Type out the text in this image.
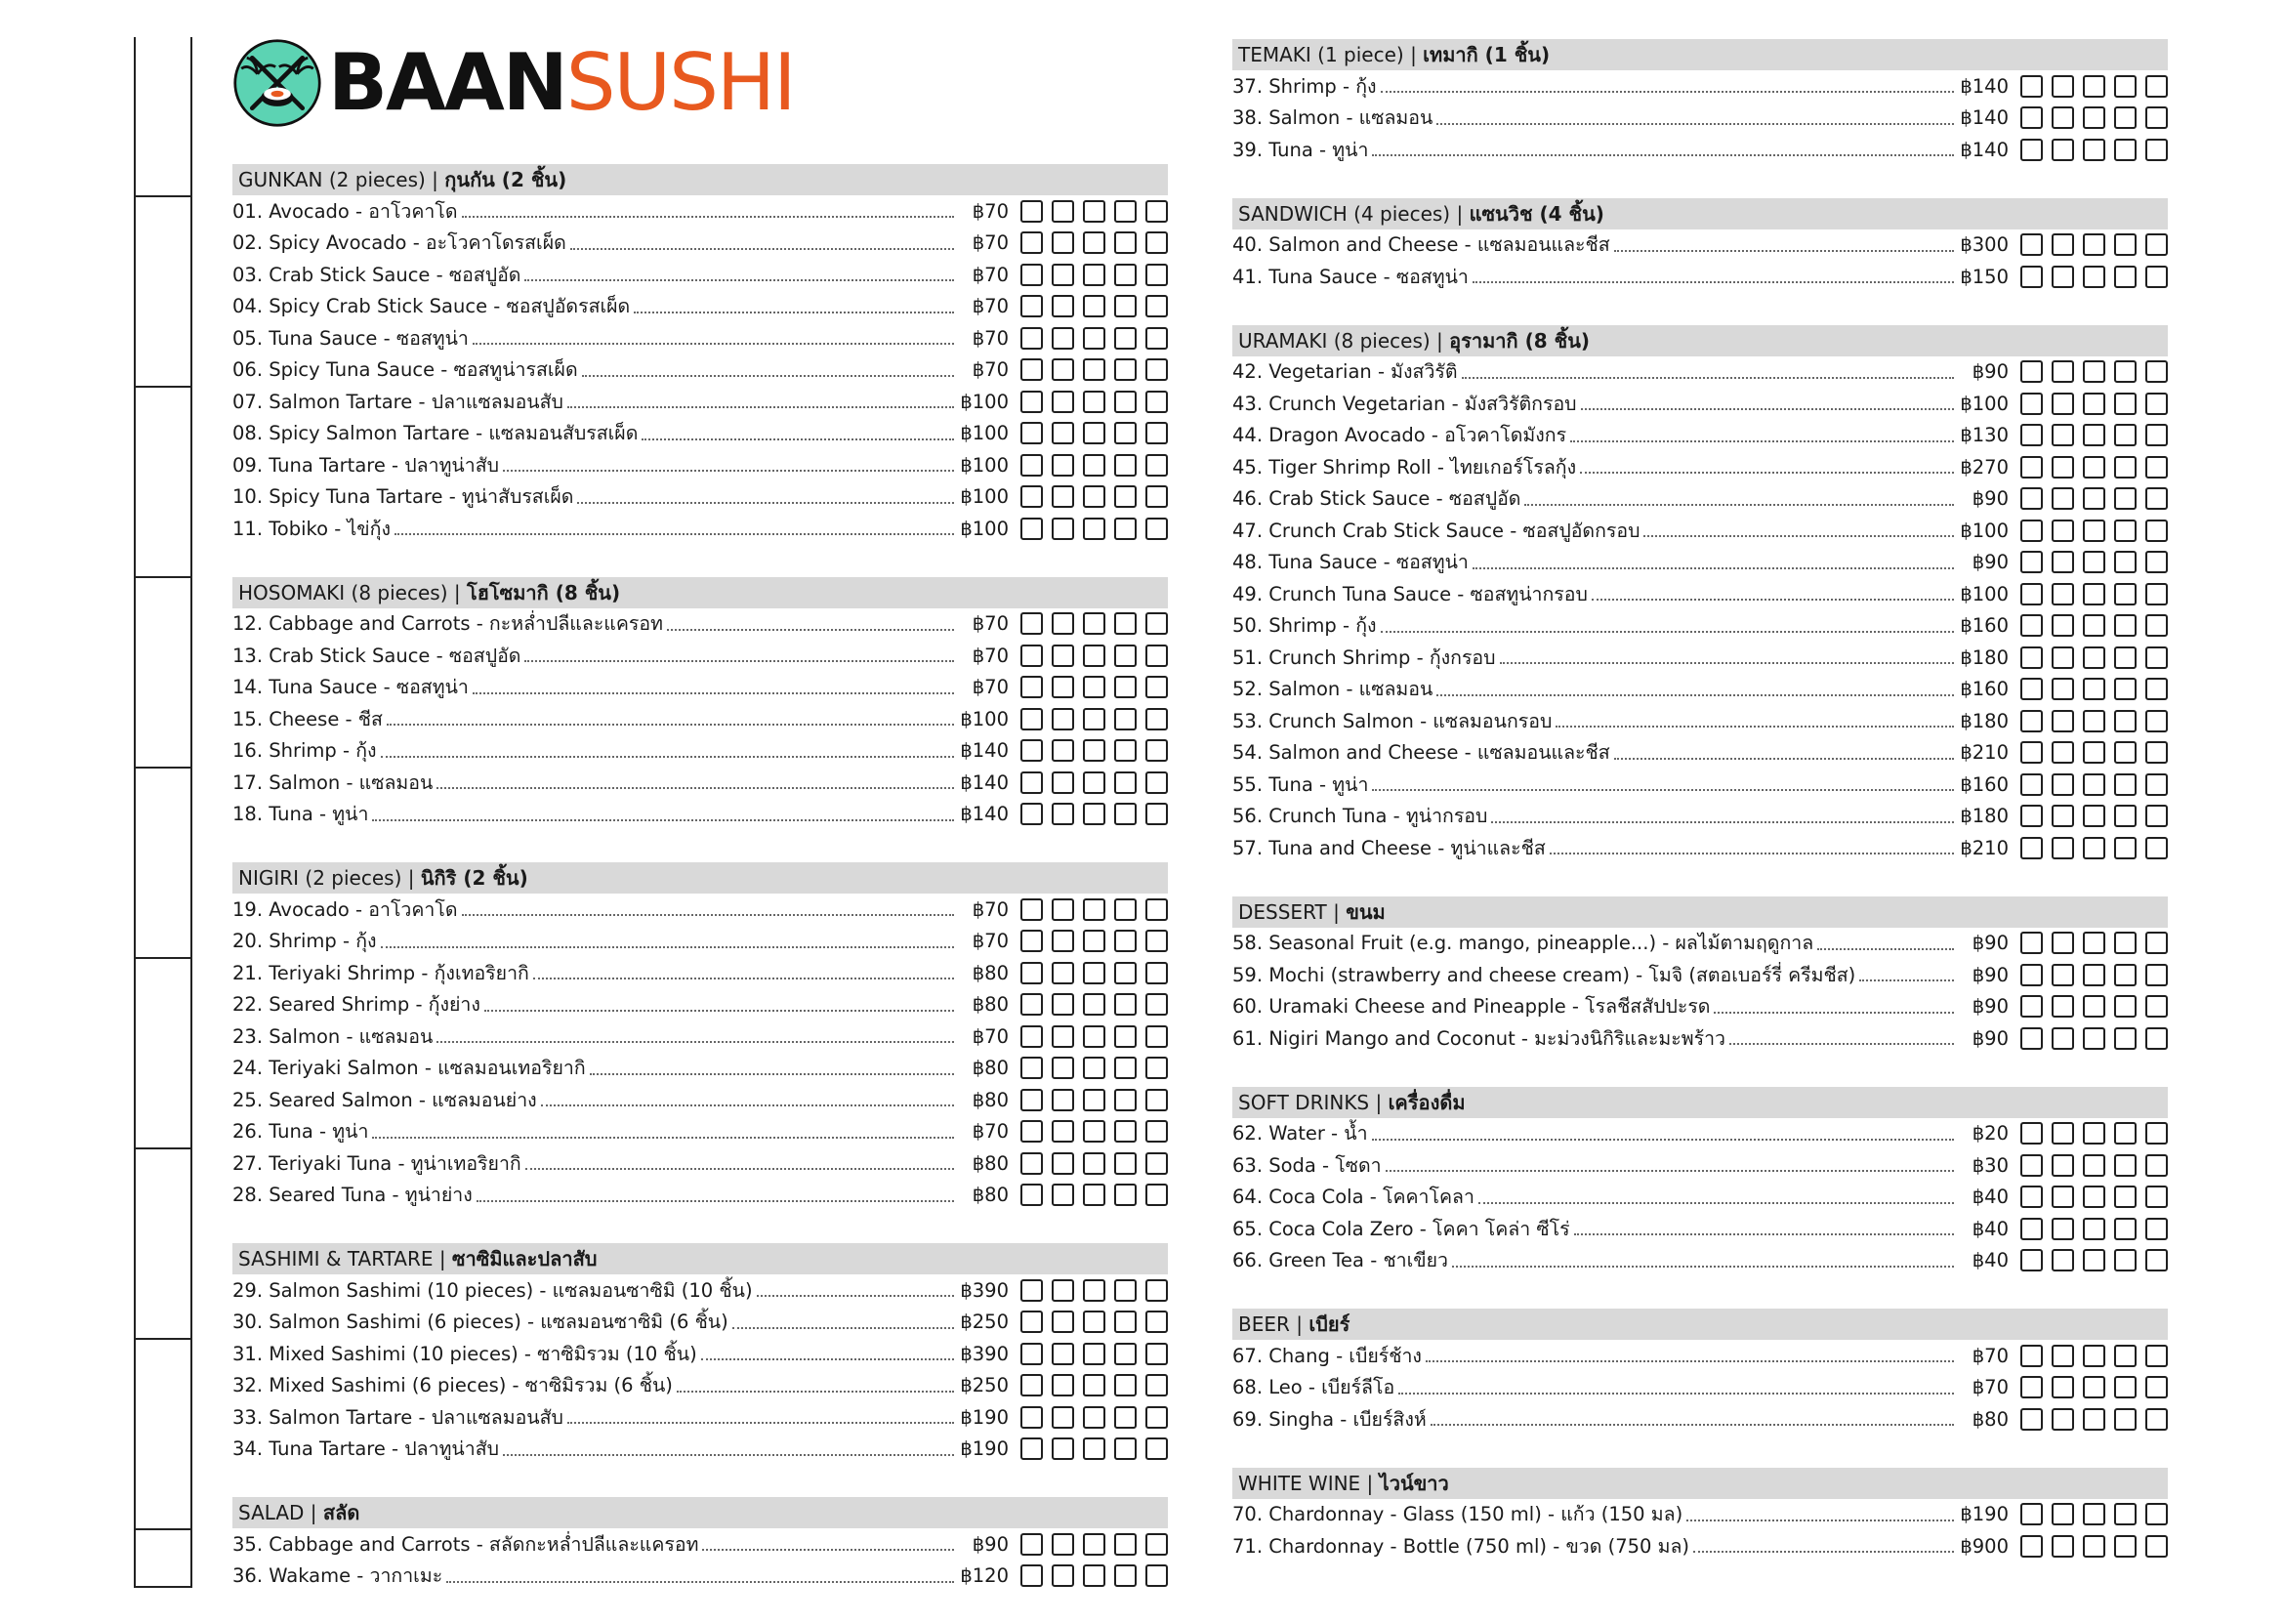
BAANSUSHI
GUNKAN (2 pieces) | กุนกัน (2 ชิ้น)
01. Avocado - อาโวคาโด	฿70
02. Spicy Avocado - อะโวคาโดรสเผ็ด	฿70
03. Crab Stick Sauce - ซอสปูอัด	฿70
04. Spicy Crab Stick Sauce - ซอสปูอัดรสเผ็ด	฿70
05. Tuna Sauce - ซอสทูน่า	฿70
06. Spicy Tuna Sauce - ซอสทูน่ารสเผ็ด	฿70
07. Salmon Tartare - ปลาแซลมอนสับ	฿100
08. Spicy Salmon Tartare - แซลมอนสับรสเผ็ด	฿100
09. Tuna Tartare - ปลาทูน่าสับ	฿100
10. Spicy Tuna Tartare - ทูน่าสับรสเผ็ด	฿100
11. Tobiko - ไข่กุ้ง	฿100
HOSOMAKI (8 pieces) | โฮโซมากิ (8 ชิ้น)
12. Cabbage and Carrots - กะหล่ำปลีและแครอท	฿70
13. Crab Stick Sauce - ซอสปูอัด	฿70
14. Tuna Sauce - ซอสทูน่า	฿70
15. Cheese - ชีส	฿100
16. Shrimp - กุ้ง	฿140
17. Salmon - แซลมอน	฿140
18. Tuna - ทูน่า	฿140
NIGIRI (2 pieces) | นิกิริ (2 ชิ้น)
19. Avocado - อาโวคาโด	฿70
20. Shrimp - กุ้ง	฿70
21. Teriyaki Shrimp - กุ้งเทอริยากิ	฿80
22. Seared Shrimp - กุ้งย่าง	฿80
23. Salmon - แซลมอน	฿70
24. Teriyaki Salmon - แซลมอนเทอริยากิ	฿80
25. Seared Salmon - แซลมอนย่าง	฿80
26. Tuna - ทูน่า	฿70
27. Teriyaki Tuna - ทูน่าเทอริยากิ	฿80
28. Seared Tuna - ทูน่าย่าง	฿80
SASHIMI & TARTARE | ซาซิมิและปลาสับ
29. Salmon Sashimi (10 pieces) - แซลมอนซาซิมิ (10 ชิ้น)	฿390
30. Salmon Sashimi (6 pieces) - แซลมอนซาซิมิ (6 ชิ้น)	฿250
31. Mixed Sashimi (10 pieces) - ซาซิมิรวม (10 ชิ้น)	฿390
32. Mixed Sashimi (6 pieces) - ซาซิมิรวม (6 ชิ้น)	฿250
33. Salmon Tartare - ปลาแซลมอนสับ	฿190
34. Tuna Tartare - ปลาทูน่าสับ	฿190
SALAD | สลัด
35. Cabbage and Carrots - สลัดกะหล่ำปลีและแครอท	฿90
36. Wakame - วากาเมะ	฿120
TEMAKI (1 piece) | เทมากิ (1 ชิ้น)
37. Shrimp - กุ้ง	฿140
38. Salmon - แซลมอน	฿140
39. Tuna - ทูน่า	฿140
SANDWICH (4 pieces) | แซนวิช (4 ชิ้น)
40. Salmon and Cheese - แซลมอนและชีส	฿300
41. Tuna Sauce - ซอสทูน่า	฿150
URAMAKI (8 pieces) | อุรามากิ (8 ชิ้น)
42. Vegetarian - มังสวิรัติ	฿90
43. Crunch Vegetarian - มังสวิรัติกรอบ	฿100
44. Dragon Avocado - อโวคาโดมังกร	฿130
45. Tiger Shrimp Roll - ไทยเกอร์โรลกุ้ง	฿270
46. Crab Stick Sauce - ซอสปูอัด	฿90
47. Crunch Crab Stick Sauce - ซอสปูอัดกรอบ	฿100
48. Tuna Sauce - ซอสทูน่า	฿90
49. Crunch Tuna Sauce - ซอสทูน่ากรอบ	฿100
50. Shrimp - กุ้ง	฿160
51. Crunch Shrimp - กุ้งกรอบ	฿180
52. Salmon - แซลมอน	฿160
53. Crunch Salmon - แซลมอนกรอบ	฿180
54. Salmon and Cheese - แซลมอนและชีส	฿210
55. Tuna - ทูน่า	฿160
56. Crunch Tuna - ทูน่ากรอบ	฿180
57. Tuna and Cheese - ทูน่าและชีส	฿210
DESSERT | ขนม
58. Seasonal Fruit (e.g. mango, pineapple...) - ผลไม้ตามฤดูกาล	฿90
59. Mochi (strawberry and cheese cream) - โมจิ (สตอเบอร์รี่ ครีมชีส)	฿90
60. Uramaki Cheese and Pineapple - โรลชีสสัปปะรด	฿90
61. Nigiri Mango and Coconut - มะม่วงนิกิริและมะพร้าว	฿90
SOFT DRINKS | เครื่องดื่ม
62. Water - น้ำ	฿20
63. Soda - โซดา	฿30
64. Coca Cola - โคคาโคลา	฿40
65. Coca Cola Zero - โคคา โคล่า ซีโร่	฿40
66. Green Tea - ชาเขียว	฿40
BEER | เบียร์
67. Chang - เบียร์ช้าง	฿70
68. Leo - เบียร์ลีโอ	฿70
69. Singha - เบียร์สิงห์	฿80
WHITE WINE | ไวน์ขาว
70. Chardonnay - Glass (150 ml) - แก้ว (150 มล)	฿190
71. Chardonnay - Bottle (750 ml) - ขวด (750 มล)	฿900
